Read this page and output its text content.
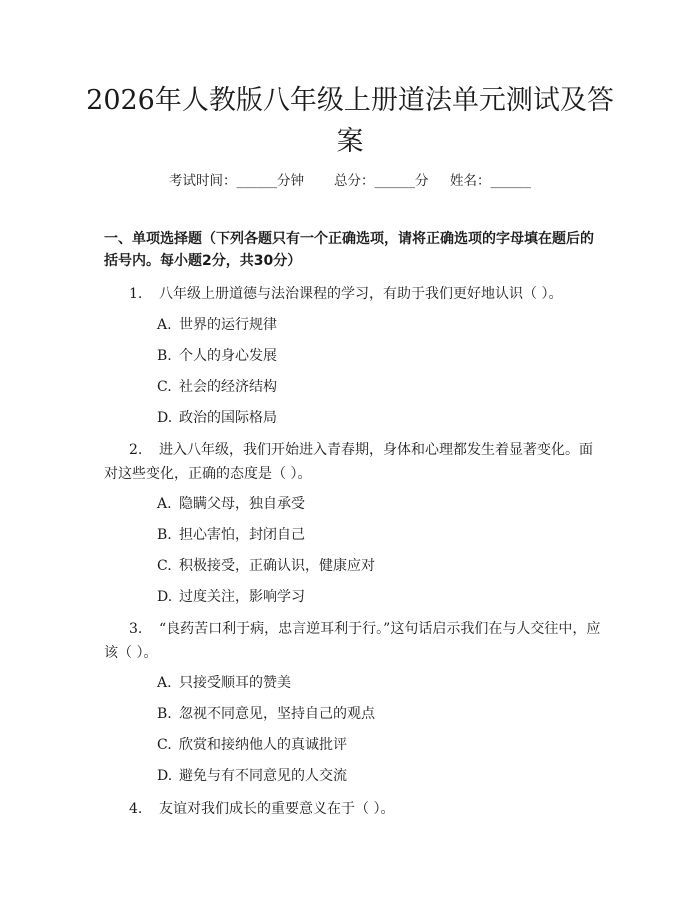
2026年人教版八年级上册道法单元测试及答案
考试时间：______分钟 总分：______分 姓名：______
一、单项选择题（下列各题只有一个正确选项，请将正确选项的字母填在题后的括号内。每小题2分，共30分）
1. 八年级上册道德与法治课程的学习，有助于我们更好地认识（ ）。
A. 世界的运行规律
B. 个人的身心发展
C. 社会的经济结构
D. 政治的国际格局
2. 进入八年级，我们开始进入青春期，身体和心理都发生着显著变化。面对这些变化，正确的态度是（ ）。
A. 隐瞒父母，独自承受
B. 担心害怕，封闭自己
C. 积极接受，正确认识，健康应对
D. 过度关注，影响学习
3. “良药苦口利于病，忠言逆耳利于行。”这句话启示我们在与人交往中，应该（ ）。
A. 只接受顺耳的赞美
B. 忽视不同意见，坚持自己的观点
C. 欣赏和接纳他人的真诚批评
D. 避免与有不同意见的人交流
4. 友谊对我们成长的重要意义在于（ ）。
